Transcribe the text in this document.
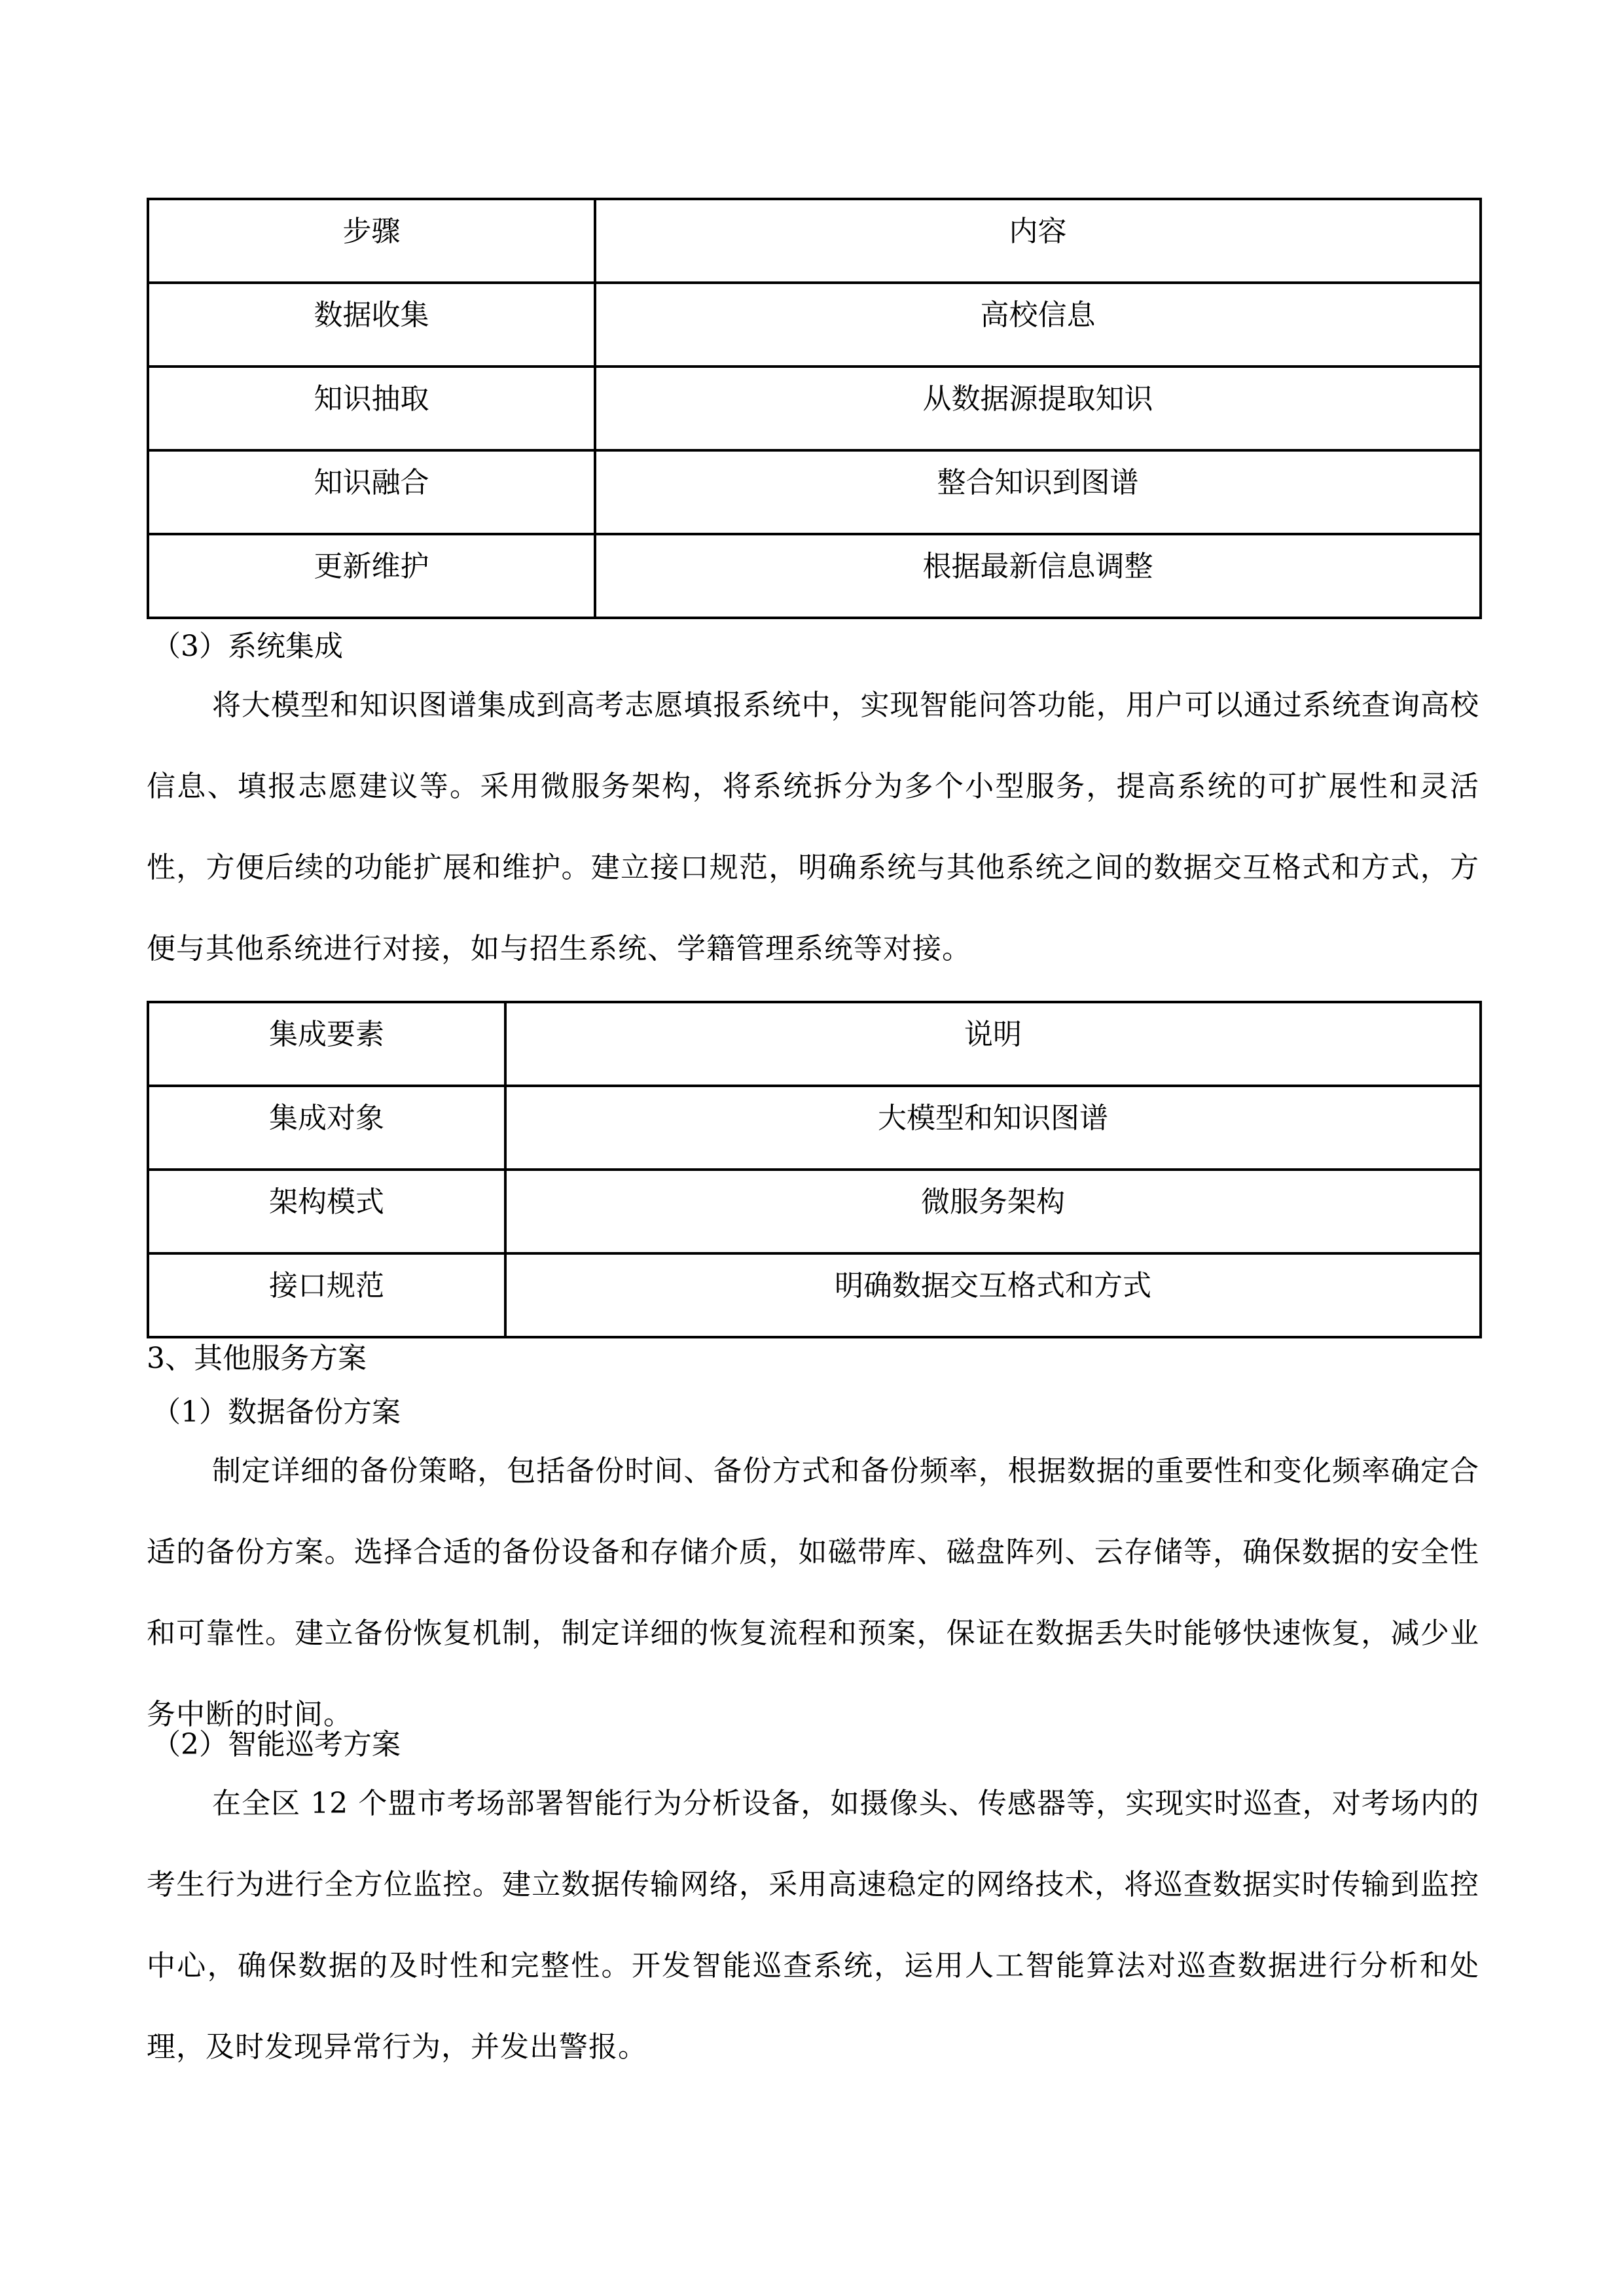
步骤	内容
数据收集	高校信息
知识抽取	从数据源提取知识
知识融合	整合知识到图谱
更新维护	根据最新信息调整
（3）系统集成
将大模型和知识图谱集成到高考志愿填报系统中，实现智能问答功能，用户可以通过系统查询高校信息、填报志愿建议等。采用微服务架构，将系统拆分为多个小型服务，提高系统的可扩展性和灵活性，方便后续的功能扩展和维护。建立接口规范，明确系统与其他系统之间的数据交互格式和方式，方便与其他系统进行对接，如与招生系统、学籍管理系统等对接。
集成要素	说明
集成对象	大模型和知识图谱
架构模式	微服务架构
接口规范	明确数据交互格式和方式
3、其他服务方案
（1）数据备份方案
制定详细的备份策略，包括备份时间、备份方式和备份频率，根据数据的重要性和变化频率确定合适的备份方案。选择合适的备份设备和存储介质，如磁带库、磁盘阵列、云存储等，确保数据的安全性和可靠性。建立备份恢复机制，制定详细的恢复流程和预案，保证在数据丢失时能够快速恢复，减少业务中断的时间。
（2）智能巡考方案
在全区 12 个盟市考场部署智能行为分析设备，如摄像头、传感器等，实现实时巡查，对考场内的考生行为进行全方位监控。建立数据传输网络，采用高速稳定的网络技术，将巡查数据实时传输到监控中心，确保数据的及时性和完整性。开发智能巡查系统，运用人工智能算法对巡查数据进行分析和处理，及时发现异常行为，并发出警报。
